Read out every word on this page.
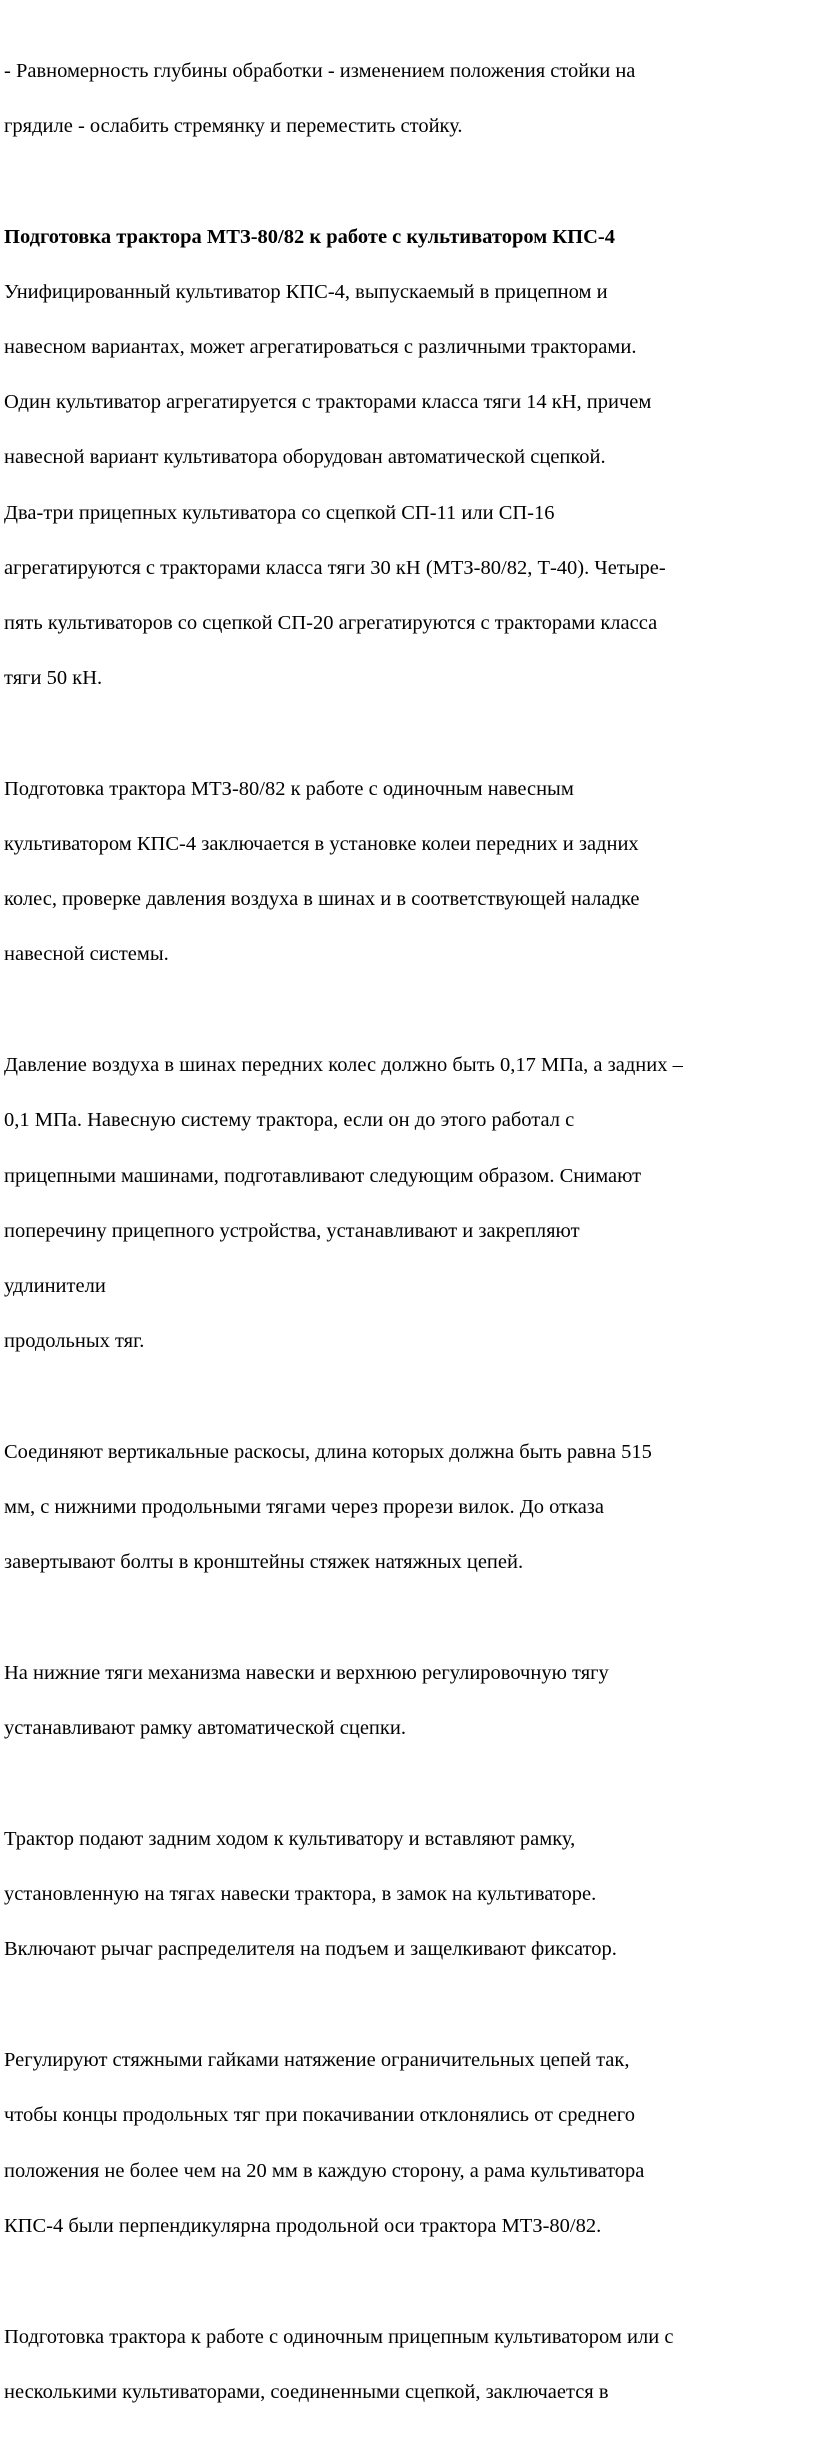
- Равномерность глубины обработки - изменением положения стойки на

грядиле - ослабить стремянку и переместить стойку.

Подготовка трактора МТЗ-80/82 к работе с культиватором КПС-4

Унифицированный культиватор КПС-4, выпускаемый в прицепном и

навесном вариантах, может агрегатироваться с различными тракторами.

Один культиватор агрегатируется с тракторами класса тяги 14 кН, причем

навесной вариант культиватора оборудован автоматической сцепкой.

Два-три прицепных культиватора со сцепкой СП-11 или СП-16

агрегатируются с тракторами класса тяги 30 кН (МТЗ-80/82, Т-40). Четыре-

пять культиваторов со сцепкой СП-20 агрегатируются с тракторами класса

тяги 50 кН.

Подготовка трактора МТЗ-80/82 к работе с одиночным навесным

культиватором КПС-4 заключается в установке колеи передних и задних

колес, проверке давления воздуха в шинах и в соответствующей наладке

навесной системы.

Давление воздуха в шинах передних колес должно быть 0,17 МПа, а задних –

0,1 МПа. Навесную систему трактора, если он до этого работал с

прицепными машинами, подготавливают следующим образом. Снимают

поперечину прицепного устройства, устанавливают и закрепляют

удлинители

продольных тяг.

Соединяют вертикальные раскосы, длина которых должна быть равна 515

мм, с нижними продольными тягами через прорези вилок. До отказа

завертывают болты в кронштейны стяжек натяжных цепей.

На нижние тяги механизма навески и верхнюю регулировочную тягу

устанавливают рамку автоматической сцепки.

Трактор подают задним ходом к культиватору и вставляют рамку,

установленную на тягах навески трактора, в замок на культиваторе.

Включают рычаг распределителя на подъем и защелкивают фиксатор.

Регулируют стяжными гайками натяжение ограничительных цепей так,

чтобы концы продольных тяг при покачивании отклонялись от среднего

положения не более чем на 20 мм в каждую сторону, а рама культиватора

КПС-4 были перпендикулярна продольной оси трактора МТЗ-80/82.

Подготовка трактора к работе с одиночным прицепным культиватором или с

несколькими культиваторами, соединенными сцепкой, заключается в
